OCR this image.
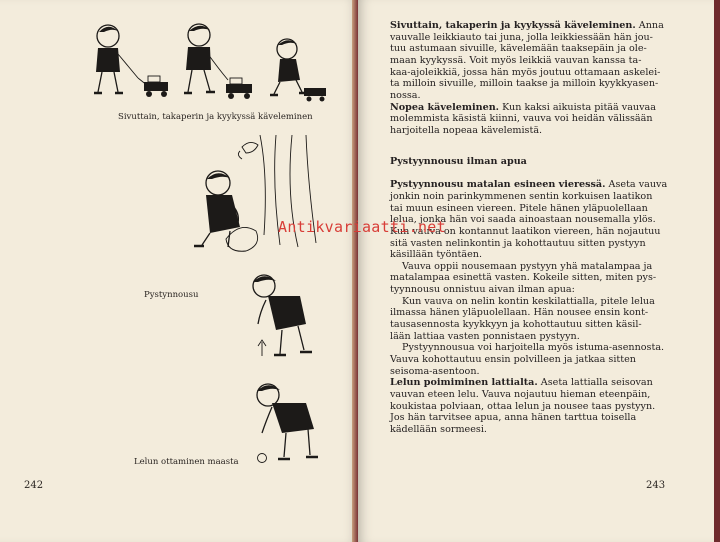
Sivuttain, takaperin ja kyykyssä käveleminen
Pystynnousu
Lelun ottaminen maasta
242

Sivuttain, takaperin ja kyykyssä käveleminen. Anna

vauvalle leikkiauto tai juna, jolla leikkiessään hän jou-

tuu astumaan sivuille, kävelemään taaksepäin ja ole-

maan kyykyssä. Voit myös leikkiä vauvan kanssa ta-

kaa-ajoleikkiä, jossa hän myös joutuu ottamaan askelei-

ta milloin sivuille, milloin taakse ja milloin kyykkyasen-

nossa.

Nopea käveleminen. Kun kaksi aikuista pitää vauvaa

molemmista käsistä kiinni, vauva voi heidän välissään

harjoitella nopeaa kävelemistä.

Pystyynnousu ilman apua

Pystyynnousu matalan esineen vieressä. Aseta vauva

jonkin noin parinkymmenen sentin korkuisen laatikon

tai muun esineen viereen. Pitele hänen yläpuolellaan

lelua, jonka hän voi saada ainoastaan nousemalla ylös.

Kun vauva on kontannut laatikon viereen, hän nojautuu

sitä vasten nelinkontin ja kohottautuu sitten pystyyn

käsillään työntäen.

Vauva oppii nousemaan pystyyn yhä matalampaa ja

matalampaa esinettä vasten. Kokeile sitten, miten pys-

tyynnousu onnistuu aivan ilman apua:

Kun vauva on nelin kontin keskilattialla, pitele lelua

ilmassa hänen yläpuolellaan. Hän nousee ensin kont-

tausasennosta kyykkyyn ja kohottautuu sitten käsil-

lään lattiaa vasten ponnistaen pystyyn.

Pystyynnousua voi harjoitella myös istuma-asennosta.

Vauva kohottautuu ensin polvilleen ja jatkaa sitten

seisoma-asentoon.

Lelun poimiminen lattialta. Aseta lattialla seisovan

vauvan eteen lelu. Vauva nojautuu hieman eteenpäin,

koukistaa polviaan, ottaa lelun ja nousee taas pystyyn.

Jos hän tarvitsee apua, anna hänen tarttua toisella

kädellään sormeesi.

243
Antikvariaatti.net
